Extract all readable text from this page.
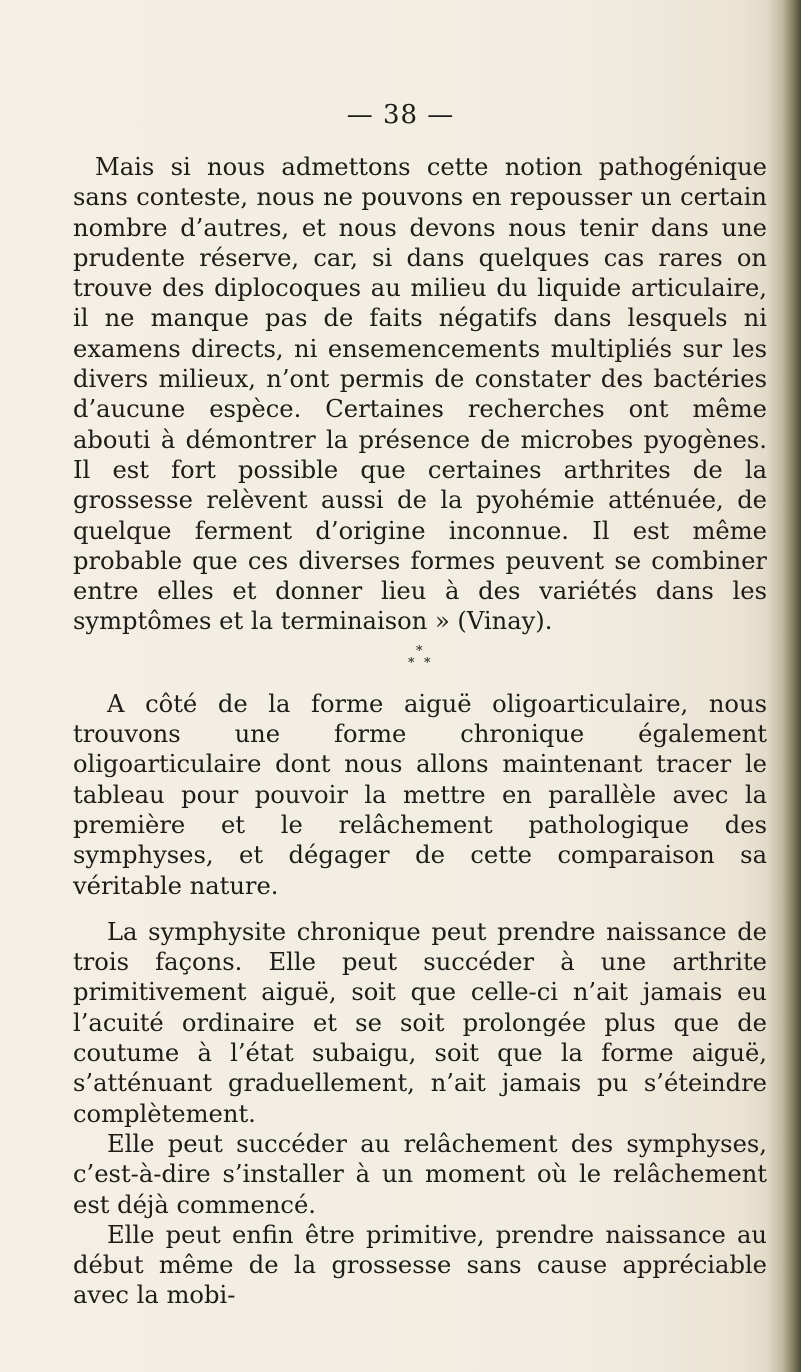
— 38 —

Mais si nous admettons cette notion pathogénique sans conteste, nous ne pouvons en repousser un certain nombre d’autres, et nous devons nous tenir dans une prudente réserve, car, si dans quelques cas rares on trouve des diplocoques au milieu du liquide articulaire, il ne manque pas de faits négatifs dans lesquels ni examens directs, ni ensemencements multipliés sur les divers milieux, n’ont permis de constater des bactéries d’aucune espèce. Certaines recherches ont même abouti à démontrer la présence de microbes pyogènes. Il est fort possible que certaines arthrites de la grossesse relèvent aussi de la pyohémie atténuée, de quelque ferment d’origine inconnue. Il est même probable que ces diverses formes peuvent se combiner entre elles et donner lieu à des variétés dans les symptômes et la terminaison » (Vinay).

*
* *

A côté de la forme aiguë oligoarticulaire, nous trouvons une forme chronique également oligoarticulaire dont nous allons maintenant tracer le tableau pour pouvoir la mettre en parallèle avec la première et le relâchement pathologique des symphyses, et dégager de cette comparaison sa véritable nature.

La symphysite chronique peut prendre naissance de trois façons. Elle peut succéder à une arthrite primitivement aiguë, soit que celle-ci n’ait jamais eu l’acuité ordinaire et se soit prolongée plus que de coutume à l’état subaigu, soit que la forme aiguë, s’atténuant graduellement, n’ait jamais pu s’éteindre complètement.

Elle peut succéder au relâchement des symphyses, c’est-à-dire s’installer à un moment où le relâchement est déjà commencé.

Elle peut enfin être primitive, prendre naissance au début même de la grossesse sans cause appréciable avec la mobi-
